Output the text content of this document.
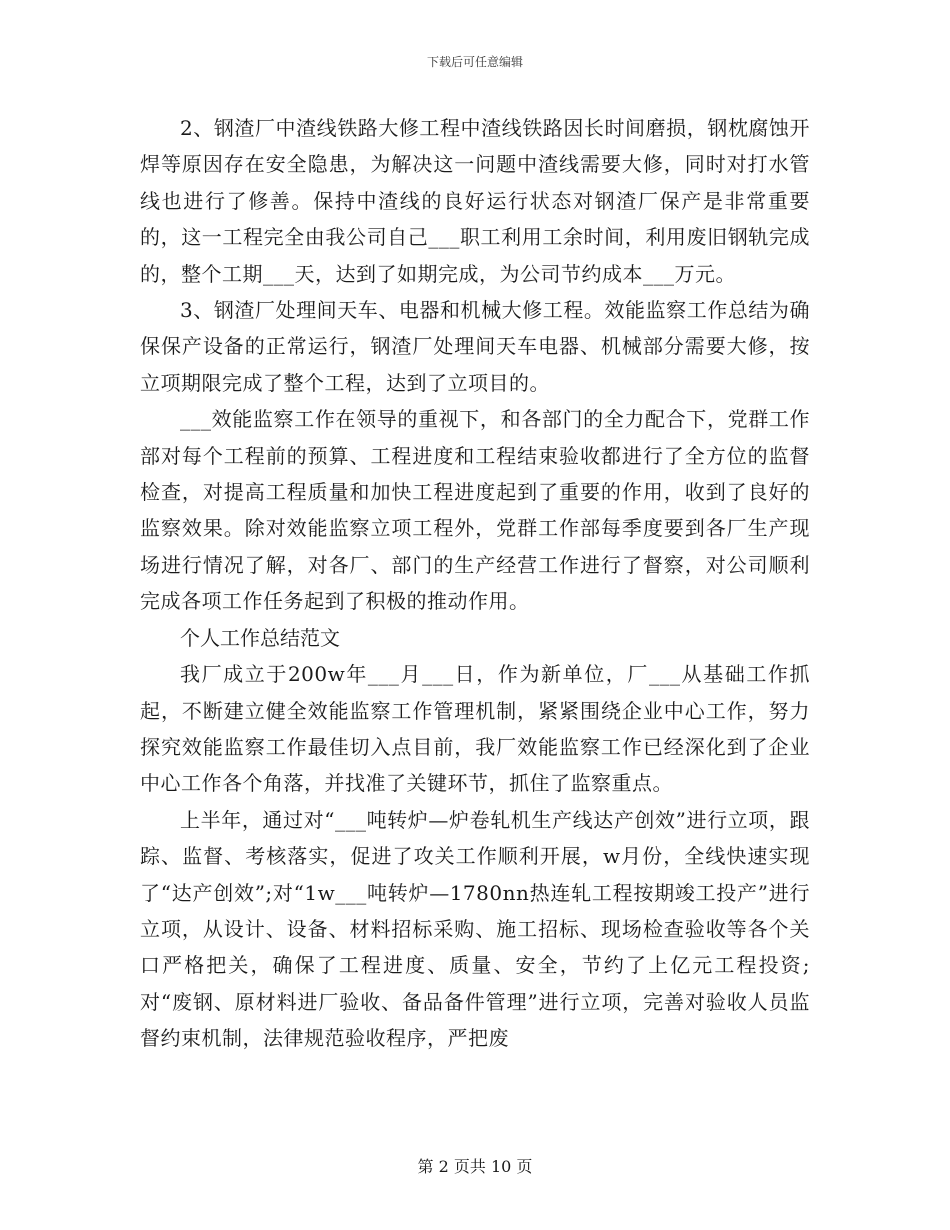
下载后可任意编辑

2、钢渣厂中渣线铁路大修工程中渣线铁路因长时间磨损，钢枕腐蚀开焊等原因存在安全隐患，为解决这一问题中渣线需要大修，同时对打水管线也进行了修善。保持中渣线的良好运行状态对钢渣厂保产是非常重要的，这一工程完全由我公司自己___职工利用工余时间，利用废旧钢轨完成的，整个工期___天，达到了如期完成，为公司节约成本___万元。

3、钢渣厂处理间天车、电器和机械大修工程。效能监察工作总结为确保保产设备的正常运行，钢渣厂处理间天车电器、机械部分需要大修，按立项期限完成了整个工程，达到了立项目的。

___效能监察工作在领导的重视下，和各部门的全力配合下，党群工作部对每个工程前的预算、工程进度和工程结束验收都进行了全方位的监督检查，对提高工程质量和加快工程进度起到了重要的作用，收到了良好的监察效果。除对效能监察立项工程外，党群工作部每季度要到各厂生产现场进行情况了解，对各厂、部门的生产经营工作进行了督察，对公司顺利完成各项工作任务起到了积极的推动作用。

个人工作总结范文

我厂成立于200w年___月___日，作为新单位，厂___从基础工作抓起，不断建立健全效能监察工作管理机制，紧紧围绕企业中心工作，努力探究效能监察工作最佳切入点目前，我厂效能监察工作已经深化到了企业中心工作各个角落，并找准了关键环节，抓住了监察重点。

上半年，通过对“___吨转炉—炉卷轧机生产线达产创效”进行立项，跟踪、监督、考核落实，促进了攻关工作顺利开展，w月份，全线快速实现了“达产创效”;对“1w___吨转炉—1780nn热连轧工程按期竣工投产”进行立项，从设计、设备、材料招标采购、施工招标、现场检查验收等各个关口严格把关，确保了工程进度、质量、安全，节约了上亿元工程投资;对“废钢、原材料进厂验收、备品备件管理”进行立项，完善对验收人员监督约束机制，法律规范验收程序，严把废

第 2 页共 10 页
